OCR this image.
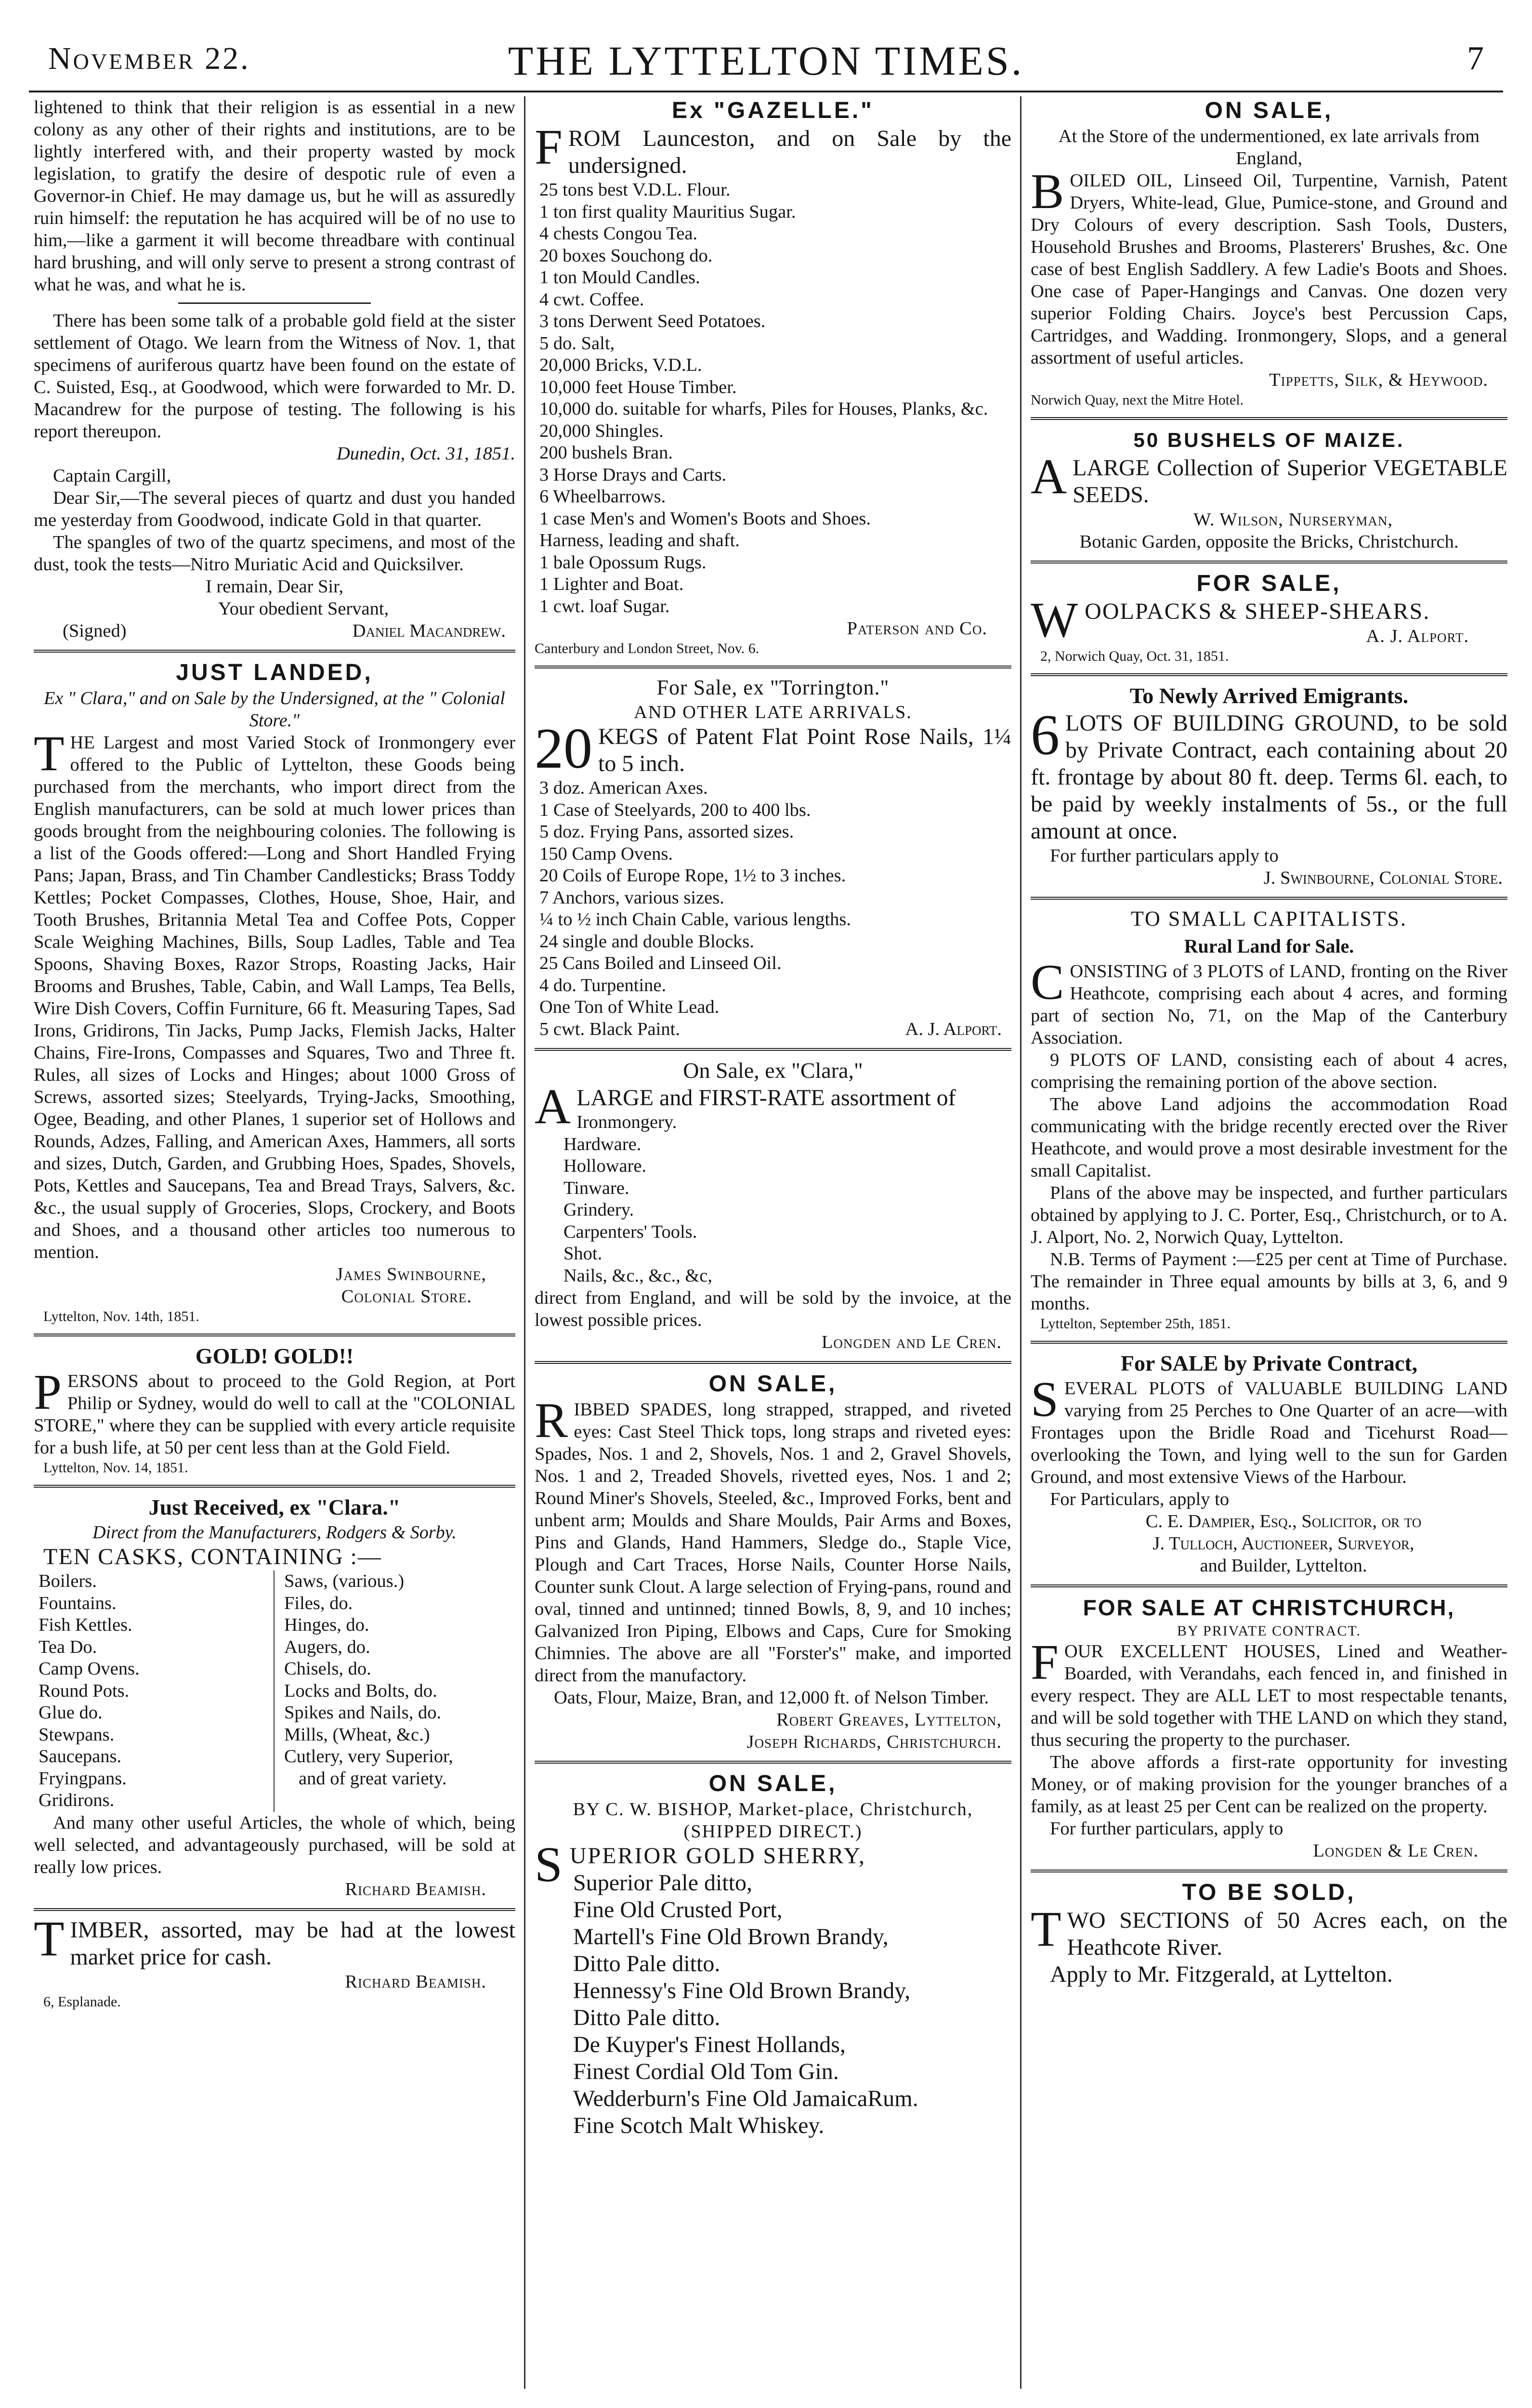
November 22.	THE LYTTELTON TIMES.	7

lightened to think that their religion is as essential in a new colony as any other of their rights and institutions, are to be lightly interfered with, and their property wasted by mock legislation, to gratify the desire of despotic rule of even a Governor-in Chief. He may damage us, but he will as assuredly ruin himself: the reputation he has acquired will be of no use to him,—like a garment it will become threadbare with continual hard brushing, and will only serve to present a strong contrast of what he was, and what he is.

There has been some talk of a probable gold field at the sister settlement of Otago. We learn from the Witness of Nov. 1, that specimens of auriferous quartz have been found on the estate of C. Suisted, Esq., at Goodwood, which were forwarded to Mr. D. Macandrew for the purpose of testing. The following is his report thereupon.

Dunedin, Oct. 31, 1851.

Captain Cargill,

Dear Sir,—The several pieces of quartz and dust you handed me yesterday from Goodwood, indicate Gold in that quarter.

The spangles of two of the quartz specimens, and most of the dust, took the tests—Nitro Muriatic Acid and Quicksilver.

I remain, Dear Sir,

Your obedient Servant,

(Signed)	Daniel Macandrew.

JUST LANDED,
Ex " Clara," and on Sale by the Undersigned, at the " Colonial Store."

THE Largest and most Varied Stock of Ironmongery ever offered to the Public of Lyttelton, these Goods being purchased from the merchants, who import direct from the English manufacturers, can be sold at much lower prices than goods brought from the neighbouring colonies. The following is a list of the Goods offered:—Long and Short Handled Frying Pans; Japan, Brass, and Tin Chamber Candlesticks; Brass Toddy Kettles; Pocket Compasses, Clothes, House, Shoe, Hair, and Tooth Brushes, Britannia Metal Tea and Coffee Pots, Copper Scale Weighing Machines, Bills, Soup Ladles, Table and Tea Spoons, Shaving Boxes, Razor Strops, Roasting Jacks, Hair Brooms and Brushes, Table, Cabin, and Wall Lamps, Tea Bells, Wire Dish Covers, Coffin Furniture, 66 ft. Measuring Tapes, Sad Irons, Gridirons, Tin Jacks, Pump Jacks, Flemish Jacks, Halter Chains, Fire-Irons, Compasses and Squares, Two and Three ft. Rules, all sizes of Locks and Hinges; about 1000 Gross of Screws, assorted sizes; Steelyards, Trying-Jacks, Smoothing, Ogee, Beading, and other Planes, 1 superior set of Hollows and Rounds, Adzes, Falling, and American Axes, Hammers, all sorts and sizes, Dutch, Garden, and Grubbing Hoes, Spades, Shovels, Pots, Kettles and Saucepans, Tea and Bread Trays, Salvers, &c. &c., the usual supply of Groceries, Slops, Crockery, and Boots and Shoes, and a thousand other articles too numerous to mention.

James Swinbourne,

Colonial Store.

Lyttelton, Nov. 14th, 1851.

GOLD! GOLD!!

PERSONS about to proceed to the Gold Region, at Port Philip or Sydney, would do well to call at the "COLONIAL STORE," where they can be supplied with every article requisite for a bush life, at 50 per cent less than at the Gold Field.

Lyttelton, Nov. 14, 1851.

Just Received, ex "Clara."
Direct from the Manufacturers, Rodgers & Sorby.

TEN CASKS, CONTAINING :—

Boilers.
Fountains.
Fish Kettles.
Tea Do.
Camp Ovens.
Round Pots.
Glue do.
Stewpans.
Saucepans.
Fryingpans.
Gridirons.
Saws, (various.)
Files, do.
Hinges, do.
Augers, do.
Chisels, do.
Locks and Bolts, do.
Spikes and Nails, do.
Mills, (Wheat, &c.)
Cutlery, very Superior,
and of great variety.

And many other useful Articles, the whole of which, being well selected, and advantageously purchased, will be sold at really low prices.

Richard Beamish.

TIMBER, assorted, may be had at the lowest market price for cash.

Richard Beamish.

6, Esplanade.

Ex "GAZELLE."

FROM Launceston, and on Sale by the undersigned.

25 tons best V.D.L. Flour.
1 ton first quality Mauritius Sugar.
4 chests Congou Tea.
20 boxes Souchong do.
1 ton Mould Candles.
4 cwt. Coffee.
3 tons Derwent Seed Potatoes.
5 do. Salt,
20,000 Bricks, V.D.L.
10,000 feet House Timber.
10,000 do. suitable for wharfs, Piles for Houses, Planks, &c.
20,000 Shingles.
200 bushels Bran.
3 Horse Drays and Carts.
6 Wheelbarrows.
1 case Men's and Women's Boots and Shoes.
Harness, leading and shaft.
1 bale Opossum Rugs.
1 Lighter and Boat.
1 cwt. loaf Sugar.

Paterson and Co.

Canterbury and London Street, Nov. 6.

For Sale, ex "Torrington."

AND OTHER LATE ARRIVALS.

20 KEGS of Patent Flat Point Rose Nails, 1¼ to 5 inch.

3 doz. American Axes.
1 Case of Steelyards, 200 to 400 lbs.
5 doz. Frying Pans, assorted sizes.
150 Camp Ovens.
20 Coils of Europe Rope, 1½ to 3 inches.
7 Anchors, various sizes.
¼ to ½ inch Chain Cable, various lengths.
24 single and double Blocks.
25 Cans Boiled and Linseed Oil.
4 do. Turpentine.
One Ton of White Lead.
5 cwt. Black Paint.	A. J. Alport.
On Sale, ex "Clara,"

ALARGE and FIRST-RATE assortment of

Ironmongery.
Hardware.
Holloware.
Tinware.
Grindery.
Carpenters' Tools.
Shot.
Nails, &c., &c., &c,

direct from England, and will be sold by the invoice, at the lowest possible prices.

Longden and Le Cren.

ON SALE,

RIBBED SPADES, long strapped, strapped, and riveted eyes: Cast Steel Thick tops, long straps and riveted eyes: Spades, Nos. 1 and 2, Shovels, Nos. 1 and 2, Gravel Shovels, Nos. 1 and 2, Treaded Shovels, rivetted eyes, Nos. 1 and 2; Round Miner's Shovels, Steeled, &c., Improved Forks, bent and unbent arm; Moulds and Share Moulds, Pair Arms and Boxes, Pins and Glands, Hand Hammers, Sledge do., Staple Vice, Plough and Cart Traces, Horse Nails, Counter Horse Nails, Counter sunk Clout. A large selection of Frying-pans, round and oval, tinned and untinned; tinned Bowls, 8, 9, and 10 inches; Galvanized Iron Piping, Elbows and Caps, Cure for Smoking Chimnies. The above are all "Forster's" make, and imported direct from the manufactory.

Oats, Flour, Maize, Bran, and 12,000 ft. of Nelson Timber.

Robert Greaves, Lyttelton,

Joseph Richards, Christchurch.

ON SALE,

BY C. W. BISHOP, Market-place, Christchurch,

(SHIPPED DIRECT.)

SUPERIOR GOLD SHERRY,

Superior Pale ditto,
Fine Old Crusted Port,
Martell's Fine Old Brown Brandy,
Ditto Pale ditto.
Hennessy's Fine Old Brown Brandy,
Ditto Pale ditto.
De Kuyper's Finest Hollands,
Finest Cordial Old Tom Gin.
Wedderburn's Fine Old JamaicaRum.
Fine Scotch Malt Whiskey.
ON SALE,

At the Store of the undermentioned, ex late arrivals from England,

BOILED OIL, Linseed Oil, Turpentine, Varnish, Patent Dryers, White-lead, Glue, Pumice-stone, and Ground and Dry Colours of every description. Sash Tools, Dusters, Household Brushes and Brooms, Plasterers' Brushes, &c. One case of best English Saddlery. A few Ladie's Boots and Shoes. One case of Paper-Hangings and Canvas. One dozen very superior Folding Chairs. Joyce's best Percussion Caps, Cartridges, and Wadding. Ironmongery, Slops, and a general assortment of useful articles.

Tippetts, Silk, & Heywood.

Norwich Quay, next the Mitre Hotel.

50 BUSHELS OF MAIZE.

ALARGE Collection of Superior VEGETABLE SEEDS.

W. Wilson, Nurseryman,

Botanic Garden, opposite the Bricks, Christchurch.

FOR SALE,

WOOLPACKS & SHEEP-SHEARS.

A. J. Alport.

2, Norwich Quay, Oct. 31, 1851.

To Newly Arrived Emigrants.

6 LOTS OF BUILDING GROUND, to be sold by Private Contract, each containing about 20 ft. frontage by about 80 ft. deep. Terms 6l. each, to be paid by weekly instalments of 5s., or the full amount at once.

For further particulars apply to

J. Swinbourne, Colonial Store.

TO SMALL CAPITALISTS.
Rural Land for Sale.

CONSISTING of 3 PLOTS of LAND, fronting on the River Heathcote, comprising each about 4 acres, and forming part of section No, 71, on the Map of the Canterbury Association.

9 PLOTS OF LAND, consisting each of about 4 acres, comprising the remaining portion of the above section.

The above Land adjoins the accommodation Road communicating with the bridge recently erected over the River Heathcote, and would prove a most desirable investment for the small Capitalist.

Plans of the above may be inspected, and further particulars obtained by applying to J. C. Porter, Esq., Christchurch, or to A. J. Alport, No. 2, Norwich Quay, Lyttelton.

N.B. Terms of Payment :—£25 per cent at Time of Purchase. The remainder in Three equal amounts by bills at 3, 6, and 9 months.

Lyttelton, September 25th, 1851.

For SALE by Private Contract,

SEVERAL PLOTS of VALUABLE BUILDING LAND varying from 25 Perches to One Quarter of an acre—with Frontages upon the Bridle Road and Ticehurst Road—overlooking the Town, and lying well to the sun for Garden Ground, and most extensive Views of the Harbour.

For Particulars, apply to

C. E. Dampier, Esq., Solicitor, or to

J. Tulloch, Auctioneer, Surveyor,

and Builder, Lyttelton.

FOR SALE AT CHRISTCHURCH,

BY PRIVATE CONTRACT.

FOUR EXCELLENT HOUSES, Lined and Weather-Boarded, with Verandahs, each fenced in, and finished in every respect. They are ALL LET to most respectable tenants, and will be sold together with THE LAND on which they stand, thus securing the property to the purchaser.

The above affords a first-rate opportunity for investing Money, or of making provision for the younger branches of a family, as at least 25 per Cent can be realized on the property.

For further particulars, apply to

Longden & Le Cren.

TO BE SOLD,

TWO SECTIONS of 50 Acres each, on the Heathcote River.

Apply to Mr. Fitzgerald, at Lyttelton.
